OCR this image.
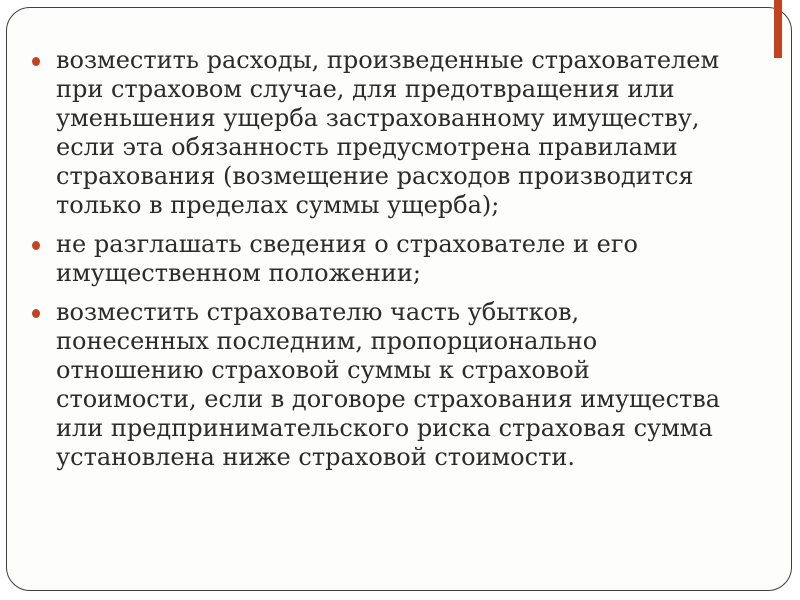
возместить расходы, произведенные страхователем
при страховом случае, для предотвращения или
уменьшения ущерба застрахованному имуществу,
если эта обязанность предусмотрена правилами
страхования (возмещение расходов производится
только в пределах суммы ущерба);
не разглашать сведения о страхователе и его
имущественном положении;
возместить страхователю часть убытков,
понесенных последним, пропорционально
отношению страховой суммы к страховой
стоимости, если в договоре страхования имущества
или предпринимательского риска страховая сумма
установлена ниже страховой стоимости.
